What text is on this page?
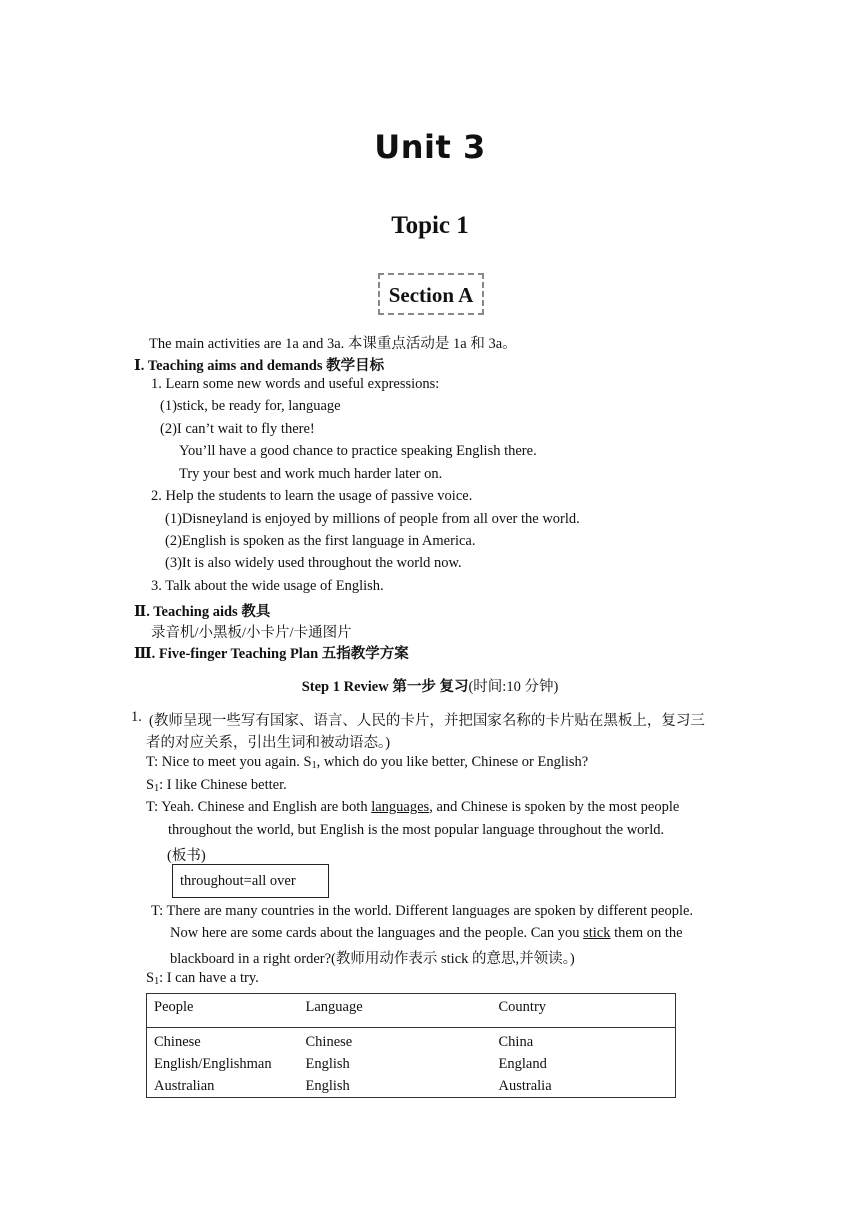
Unit 3
Topic 1
Section A
The main activities are 1a and 3a. 本课重点活动是 1a 和 3a。
Ⅰ. Teaching aims and demands 教学目标
1. Learn some new words and useful expressions:
(1)stick, be ready for, language
(2)I can’t wait to fly there!
You’ll have a good chance to practice speaking English there.
Try your best and work much harder later on.
2. Help the students to learn the usage of passive voice.
(1)Disneyland is enjoyed by millions of people from all over the world.
(2)English is spoken as the first language in America.
(3)It is also widely used throughout the world now.
3. Talk about the wide usage of English.
Ⅱ. Teaching aids 教具
录音机/小黑板/小卡片/卡通图片
Ⅲ. Five-finger Teaching Plan 五指教学方案
Step 1 Review 第一步 复习(时间:10 分钟)
1. (教师呈现一些写有国家、语言、人民的卡片，并把国家名称的卡片贴在黑板上，复习三
者的对应关系，引出生词和被动语态。)
T: Nice to meet you again. $S_1$, which do you like better, Chinese or English?
$S_1$: I like Chinese better.
T: Yeah. Chinese and English are both languages, and Chinese is spoken by the most people
throughout the world, but English is the most popular language throughout the world.
(板书)
throughout=all over
T: There are many countries in the world. Different languages are spoken by different people.
Now here are some cards about the languages and the people. Can you stick them on the
blackboard in a right order?(教师用动作表示 stick 的意思,并领读。)
$S_1$: I can have a try.
People	Language	Country
Chinese	Chinese	China
English/Englishman	English	England
Australian	English	Australia
